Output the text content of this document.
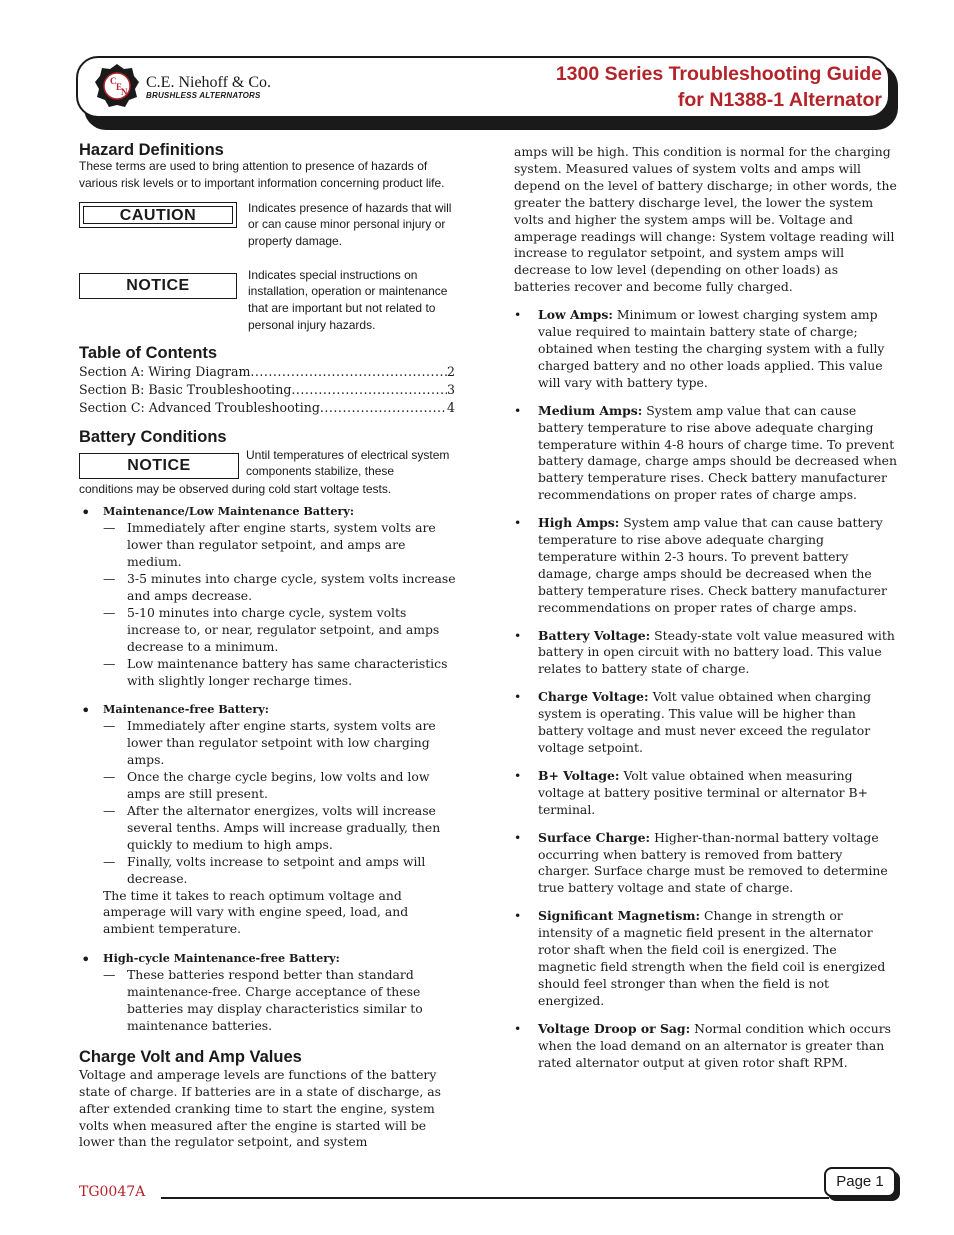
C
E
N
C.E. Niehoff & Co.
BRUSHLESS ALTERNATORS
1300 Series Troubleshooting Guide
for N1388-1 Alternator
Hazard Definitions
These terms are used to bring attention to presence of hazards of various risk levels or to important information concerning product life.
CAUTION	Indicates presence of hazards that will or can cause minor personal injury or property damage.
NOTICE
Indicates special instructions on installation, operation or maintenance that are important but not related to personal injury hazards.
Table of Contents
Section A: Wiring Diagram .....	2
Section B: Basic Troubleshooting .....	3
Section C: Advanced Troubleshooting .....	4
Battery Conditions
NOTICE
Until temperatures of electrical system components stabilize, these
conditions may be observed during cold start voltage tests.
• Maintenance/Low Maintenance Battery:
— Immediately after engine starts, system volts are lower than regulator setpoint, and amps are medium.
— 3-5 minutes into charge cycle, system volts increase and amps decrease.
— 5-10 minutes into charge cycle, system volts increase to, or near, regulator setpoint, and amps decrease to a minimum.
— Low maintenance battery has same characteristics with slightly longer recharge times.
• Maintenance-free Battery:
— Immediately after engine starts, system volts are lower than regulator setpoint with low charging amps.
— Once the charge cycle begins, low volts and low amps are still present.
— After the alternator energizes, volts will increase several tenths. Amps will increase gradually, then quickly to medium to high amps.
— Finally, volts increase to setpoint and amps will decrease.
The time it takes to reach optimum voltage and amperage will vary with engine speed, load, and ambient temperature.
• High-cycle Maintenance-free Battery:
— These batteries respond better than standard maintenance-free. Charge acceptance of these batteries may display characteristics similar to maintenance batteries.
Charge Volt and Amp Values
Voltage and amperage levels are functions of the battery state of charge. If batteries are in a state of discharge, as after extended cranking time to start the engine, system volts when measured after the engine is started will be lower than the regulator setpoint, and system
amps will be high. This condition is normal for the charging system. Measured values of system volts and amps will depend on the level of battery discharge; in other words, the greater the battery discharge level, the lower the system volts and higher the system amps will be. Voltage and amperage readings will change: System voltage reading will increase to regulator setpoint, and system amps will decrease to low level (depending on other loads) as batteries recover and become fully charged.
• Low Amps: Minimum or lowest charging system amp value required to maintain battery state of charge; obtained when testing the charging system with a fully charged battery and no other loads applied. This value will vary with battery type.
• Medium Amps: System amp value that can cause battery temperature to rise above adequate charging temperature within 4-8 hours of charge time. To prevent battery damage, charge amps should be decreased when battery temperature rises. Check battery manufacturer recommendations on proper rates of charge amps.
• High Amps: System amp value that can cause battery temperature to rise above adequate charging temperature within 2-3 hours. To prevent battery damage, charge amps should be decreased when the battery temperature rises. Check battery manufacturer recommendations on proper rates of charge amps.
• Battery Voltage: Steady-state volt value measured with battery in open circuit with no battery load. This value relates to battery state of charge.
• Charge Voltage: Volt value obtained when charging system is operating. This value will be higher than battery voltage and must never exceed the regulator voltage setpoint.
• B+ Voltage: Volt value obtained when measuring voltage at battery positive terminal or alternator B+ terminal.
• Surface Charge: Higher-than-normal battery voltage occurring when battery is removed from battery charger. Surface charge must be removed to determine true battery voltage and state of charge.
• Significant Magnetism: Change in strength or intensity of a magnetic field present in the alternator rotor shaft when the field coil is energized. The magnetic field strength when the field coil is energized should feel stronger than when the field is not energized.
• Voltage Droop or Sag: Normal condition which occurs when the load demand on an alternator is greater than rated alternator output at given rotor shaft RPM.
TG0047A
Page 1
